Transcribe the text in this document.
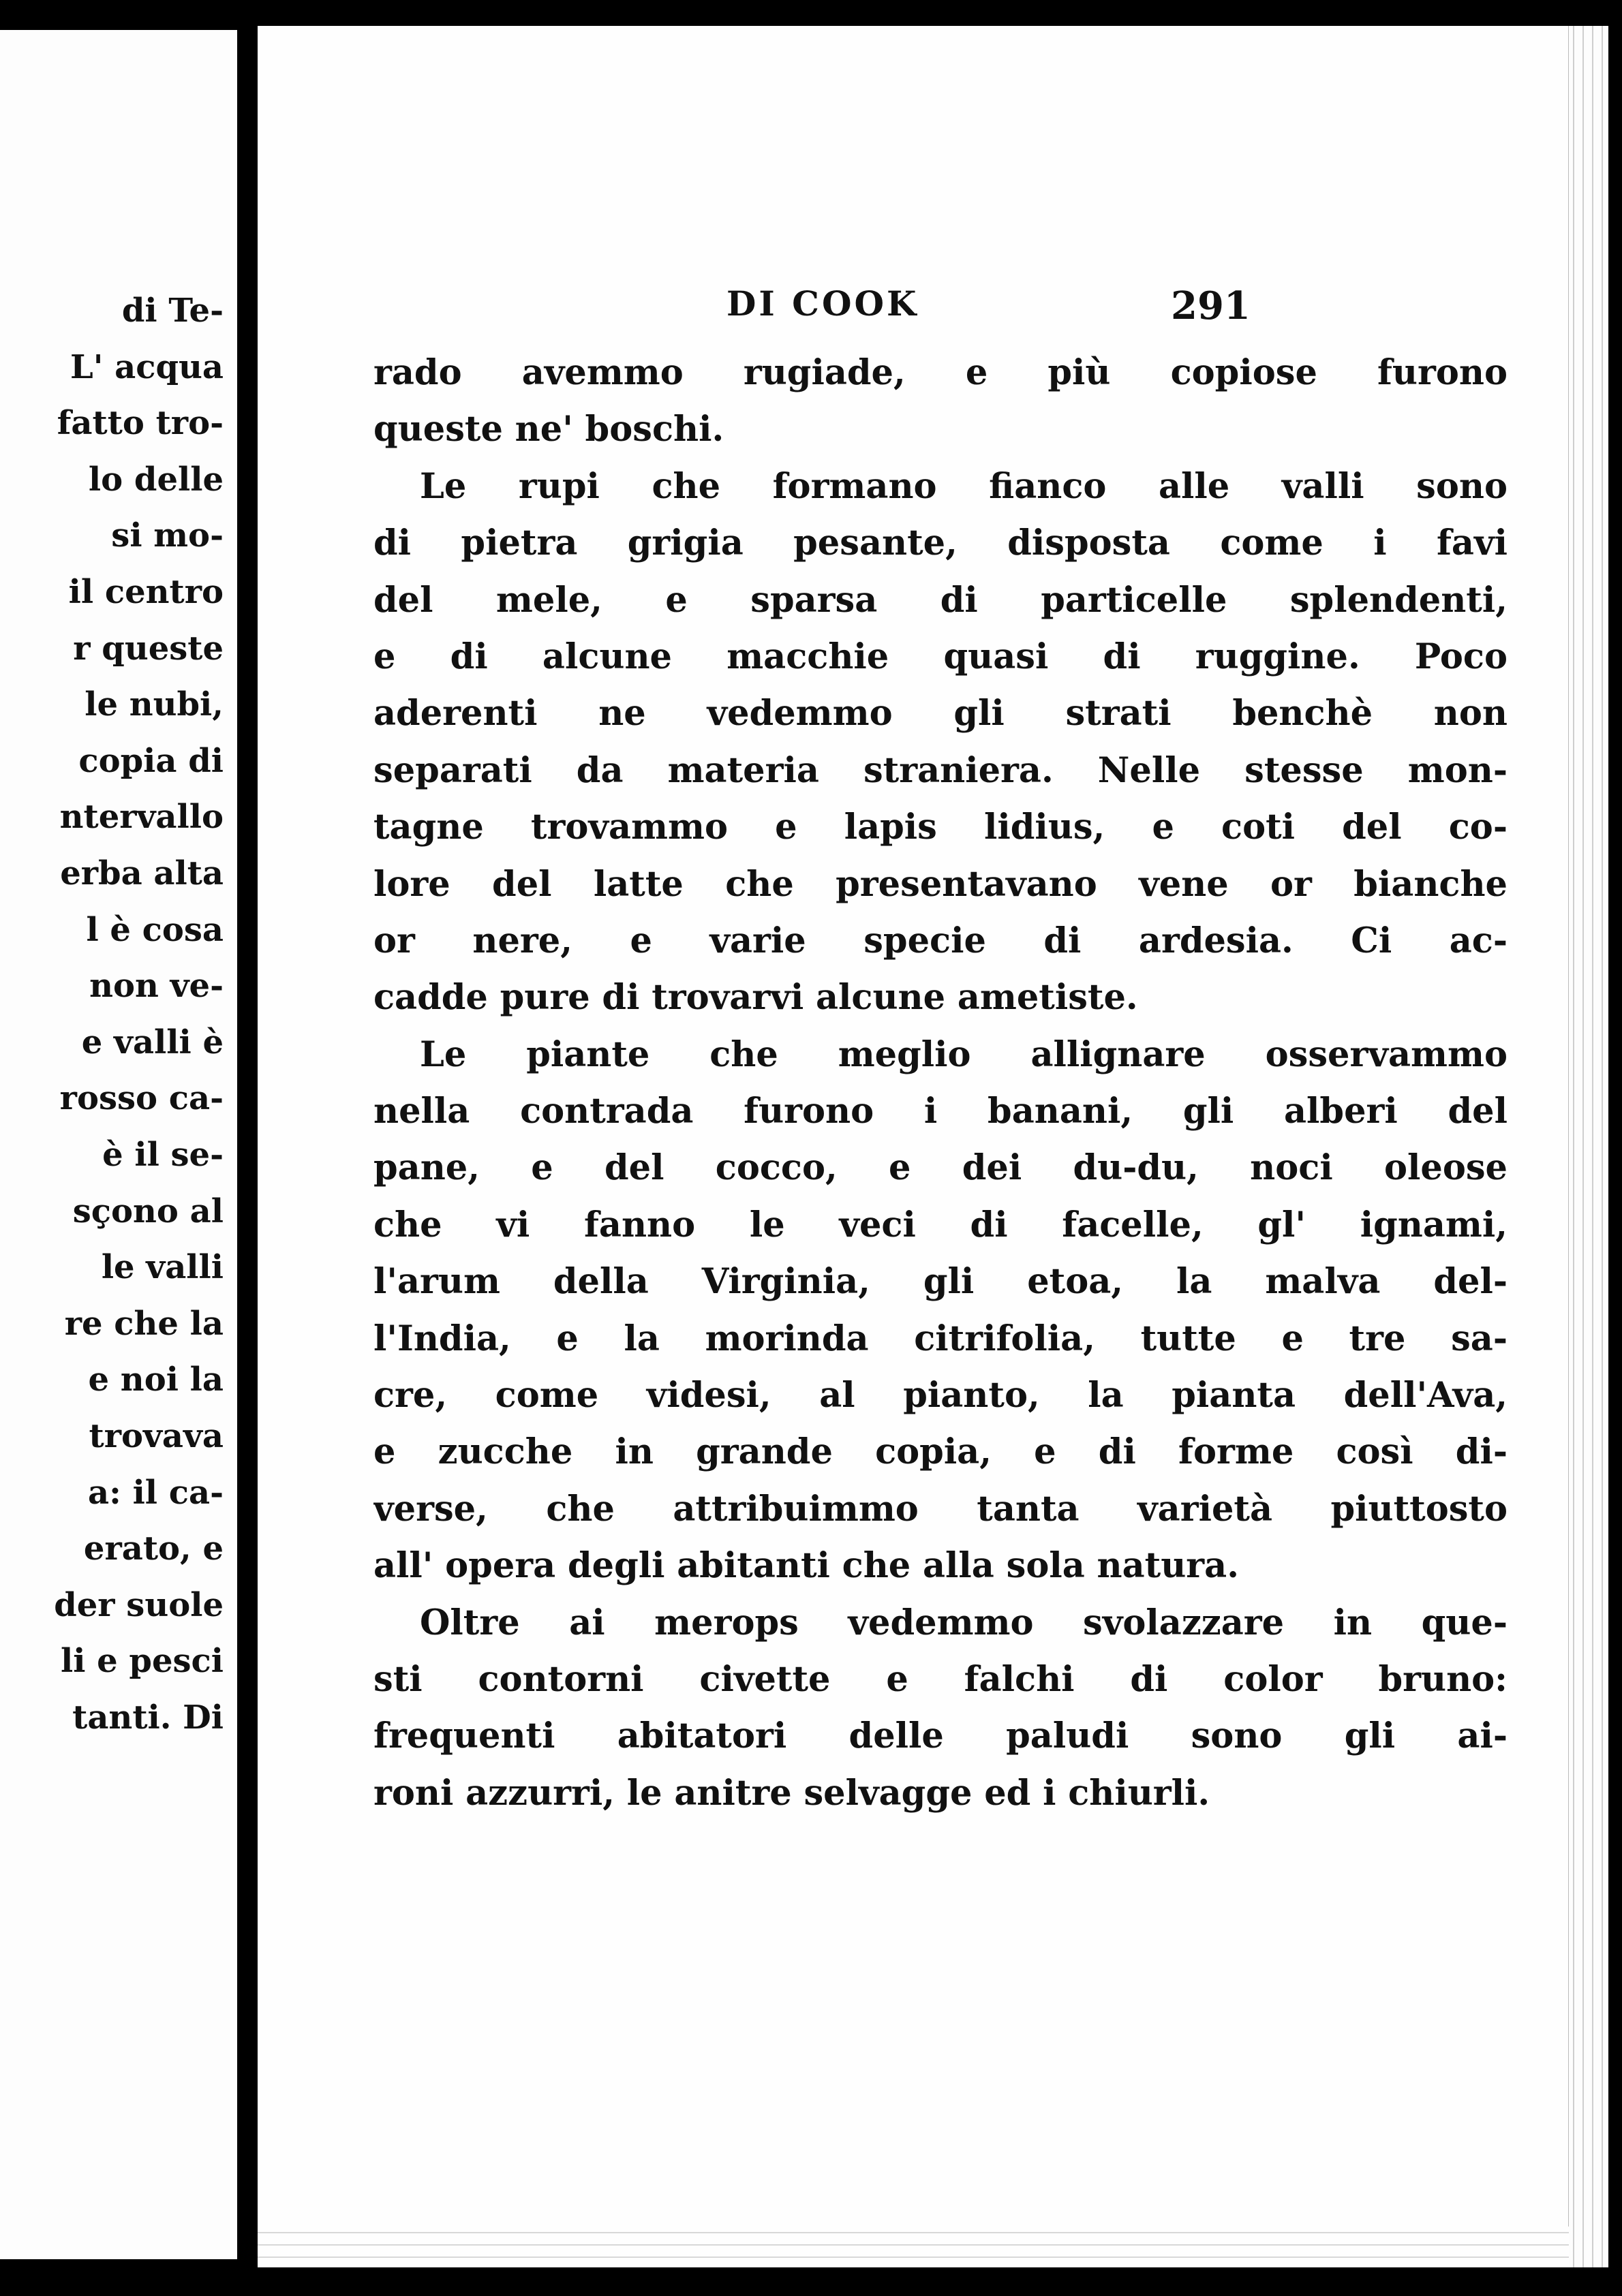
di Te-
L' acqua
fatto tro-
lo delle
si mo-
il centro
r queste
le nubi,
copia di
ntervallo
erba alta
l è cosa
non ve-
e valli è
rosso ca-
è il se-
sçono al
le valli
re che la
e noi la
trovava
a: il ca-
erato, e
der suole
li e pesci
tanti. Di
DI COOK	291
rado avemmo rugiade, e più copiose furono
queste ne' boschi.
Le rupi che formano fianco alle valli sono
di pietra grigia pesante, disposta come i favi
del mele, e sparsa di particelle splendenti,
e di alcune macchie quasi di ruggine. Poco
aderenti ne vedemmo gli strati benchè non
separati da materia straniera. Nelle stesse mon-
tagne trovammo e lapis lidius, e coti del co-
lore del latte che presentavano vene or bianche
or nere, e varie specie di ardesia. Ci ac-
cadde pure di trovarvi alcune ametiste.
Le piante che meglio allignare osservammo
nella contrada furono i banani, gli alberi del
pane, e del cocco, e dei du-du, noci oleose
che vi fanno le veci di facelle, gl' ignami,
l'arum della Virginia, gli etoa, la malva del-
l'India, e la morinda citrifolia, tutte e tre sa-
cre, come videsi, al pianto, la pianta dell'Ava,
e zucche in grande copia, e di forme così di-
verse, che attribuimmo tanta varietà piuttosto
all' opera degli abitanti che alla sola natura.
Oltre ai merops vedemmo svolazzare in que-
sti contorni civette e falchi di color bruno:
frequenti abitatori delle paludi sono gli ai-
roni azzurri, le anitre selvagge ed i chiurli.
